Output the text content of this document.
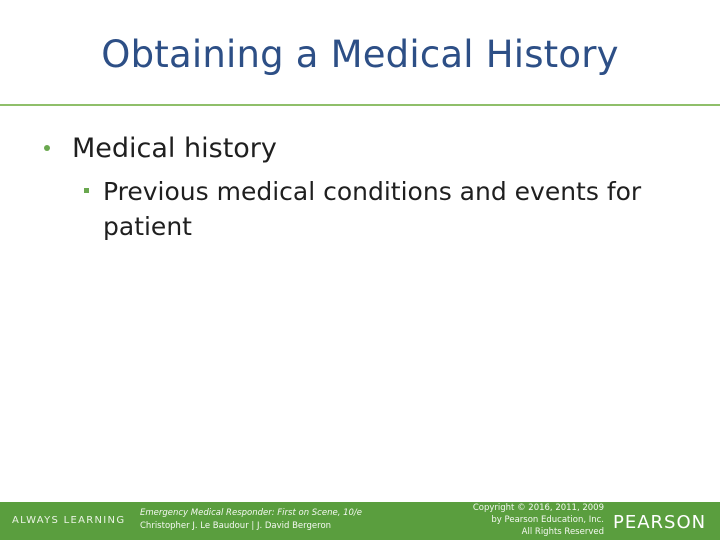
Obtaining a Medical History
Medical history
Previous medical conditions and events for patient
ALWAYS LEARNING
Emergency Medical Responder: First on Scene, 10/e
Christopher J. Le Baudour | J. David Bergeron
Copyright © 2016, 2011, 2009
by Pearson Education, Inc.
All Rights Reserved PEARSON
